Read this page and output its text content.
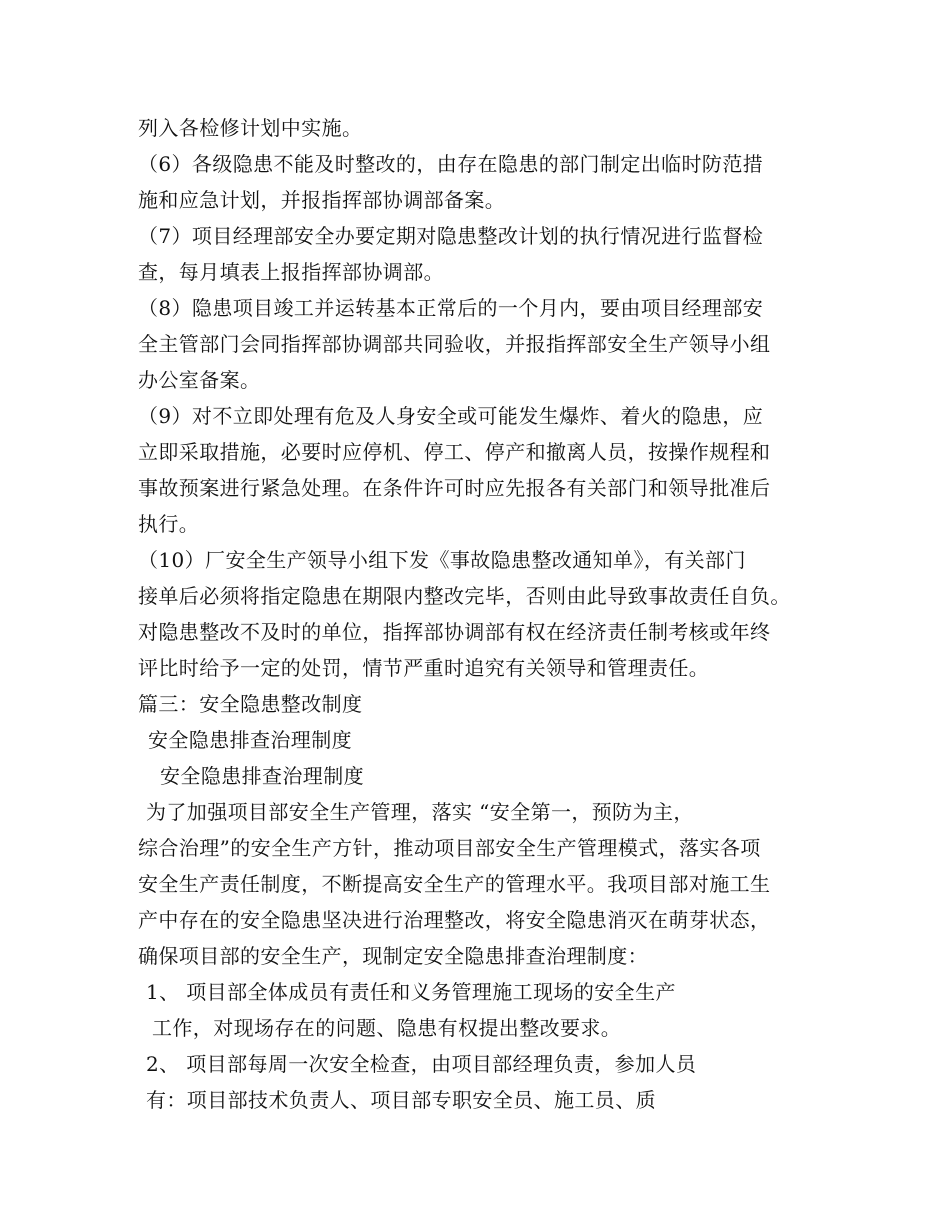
列入各检修计划中实施。
（6）各级隐患不能及时整改的，由存在隐患的部门制定出临时防范措
施和应急计划，并报指挥部协调部备案。
（7）项目经理部安全办要定期对隐患整改计划的执行情况进行监督检
查，每月填表上报指挥部协调部。
（8）隐患项目竣工并运转基本正常后的一个月内，要由项目经理部安
全主管部门会同指挥部协调部共同验收，并报指挥部安全生产领导小组
办公室备案。
（9）对不立即处理有危及人身安全或可能发生爆炸、着火的隐患，应
立即采取措施，必要时应停机、停工、停产和撤离人员，按操作规程和
事故预案进行紧急处理。在条件许可时应先报各有关部门和领导批准后
执行。
（10）厂安全生产领导小组下发《事故隐患整改通知单》，有关部门
接单后必须将指定隐患在期限内整改完毕，否则由此导致事故责任自负。
对隐患整改不及时的单位，指挥部协调部有权在经济责任制考核或年终
评比时给予一定的处罚，情节严重时追究有关领导和管理责任。
篇三：安全隐患整改制度
安全隐患排查治理制度
安全隐患排查治理制度
为了加强项目部安全生产管理，落实 “安全第一，预防为主，
综合治理”的安全生产方针，推动项目部安全生产管理模式，落实各项
安全生产责任制度，不断提高安全生产的管理水平。我项目部对施工生
产中存在的安全隐患坚决进行治理整改，将安全隐患消灭在萌芽状态，
确保项目部的安全生产，现制定安全隐患排查治理制度：
1、 项目部全体成员有责任和义务管理施工现场的安全生产
工作，对现场存在的问题、隐患有权提出整改要求。
2、 项目部每周一次安全检查，由项目部经理负责，参加人员
有：项目部技术负责人、项目部专职安全员、施工员、质
